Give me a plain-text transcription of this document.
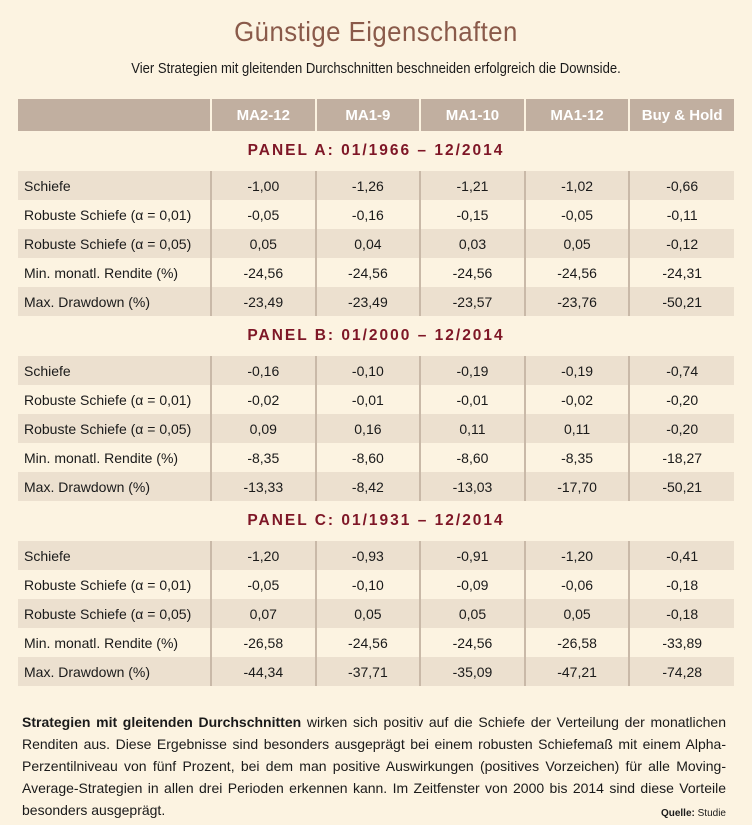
Günstige Eigenschaften
Vier Strategien mit gleitenden Durchschnitten beschneiden erfolgreich die Downside.
	MA2-12	MA1-9	MA1-10	MA1-12	Buy & Hold
PANEL A: 01/1966 – 12/2014					
Schiefe	-1,00	-1,26	-1,21	-1,02	-0,66
Robuste Schiefe (α = 0,01)	-0,05	-0,16	-0,15	-0,05	-0,11
Robuste Schiefe (α = 0,05)	0,05	0,04	0,03	0,05	-0,12
Min. monatl. Rendite (%)	-24,56	-24,56	-24,56	-24,56	-24,31
Max. Drawdown (%)	-23,49	-23,49	-23,57	-23,76	-50,21
PANEL B: 01/2000 – 12/2014					
Schiefe	-0,16	-0,10	-0,19	-0,19	-0,74
Robuste Schiefe (α = 0,01)	-0,02	-0,01	-0,01	-0,02	-0,20
Robuste Schiefe (α = 0,05)	0,09	0,16	0,11	0,11	-0,20
Min. monatl. Rendite (%)	-8,35	-8,60	-8,60	-8,35	-18,27
Max. Drawdown (%)	-13,33	-8,42	-13,03	-17,70	-50,21
PANEL C: 01/1931 – 12/2014					
Schiefe	-1,20	-0,93	-0,91	-1,20	-0,41
Robuste Schiefe (α = 0,01)	-0,05	-0,10	-0,09	-0,06	-0,18
Robuste Schiefe (α = 0,05)	0,07	0,05	0,05	0,05	-0,18
Min. monatl. Rendite (%)	-26,58	-24,56	-24,56	-26,58	-33,89
Max. Drawdown (%)	-44,34	-37,71	-35,09	-47,21	-74,28
Strategien mit gleitenden Durchschnitten wirken sich positiv auf die Schiefe der Verteilung der monatlichen Renditen aus. Diese Ergebnisse sind besonders ausgeprägt bei einem robusten Schiefemaß mit einem Alpha-Perzentilniveau von fünf Prozent, bei dem man positive Auswirkungen (positives Vorzeichen) für alle Moving-Average-Strategien in allen drei Perioden erkennen kann. Im Zeitfenster von 2000 bis 2014 sind diese Vorteile besonders ausgeprägt.	Quelle: Studie
